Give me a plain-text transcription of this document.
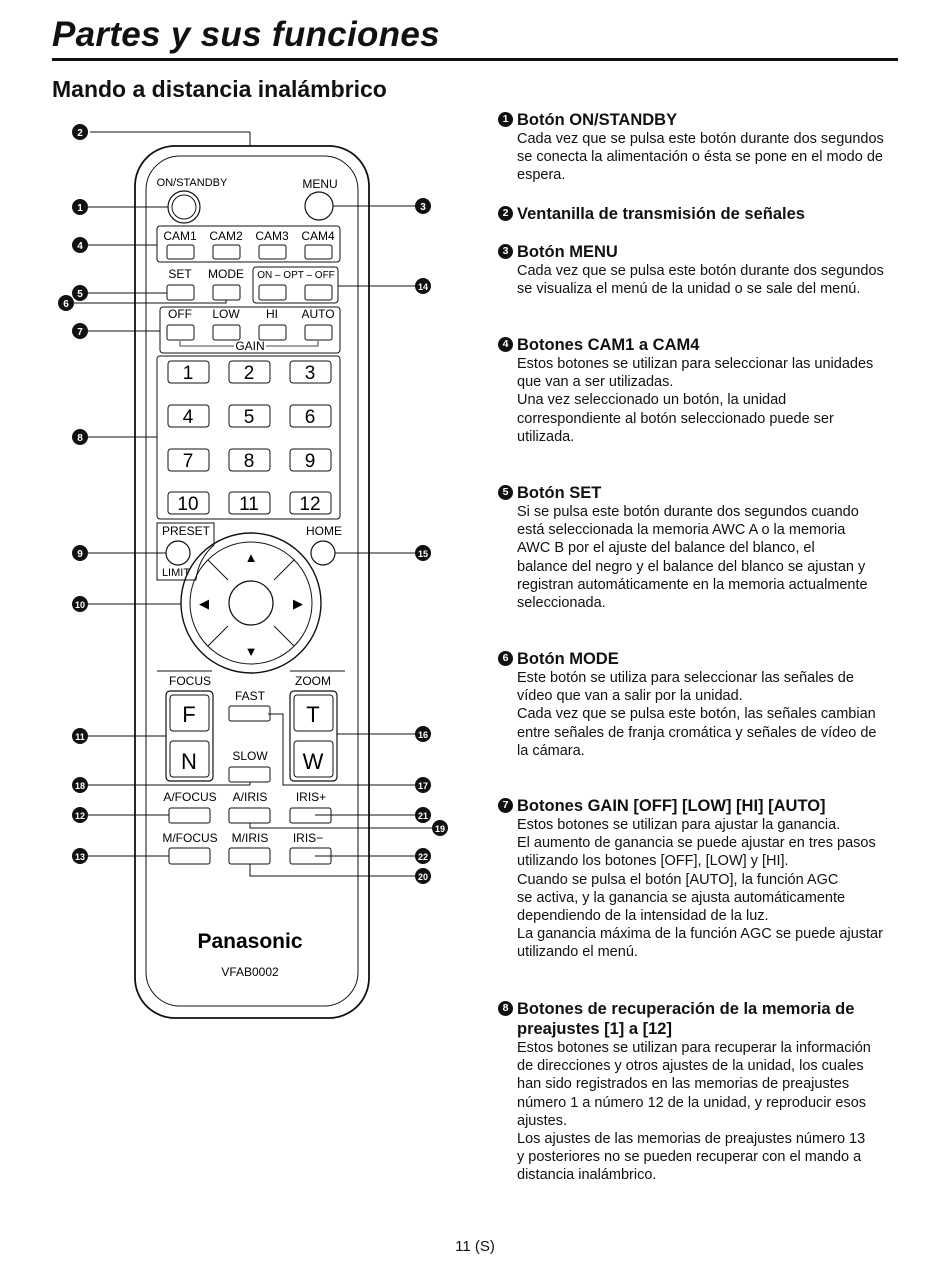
Partes y sus funciones
Mando a distancia inalámbrico
ON/STANDBY	MENU
CAM1 CAM2 CAM3 CAM4
SET MODE ON – OPT – OFF
OFF LOW HI AUTO
GAIN
1	2	3
4	5	6
7	8	9
10 11 12
PRESET
LIMIT
HOME
▲
▼
◀	▶
FOCUS	ZOOM
F
N
T
W
FAST
SLOW
A/FOCUS A/IRIS IRIS+
M/FOCUS M/IRIS IRIS−
Panasonic
VFAB0002
1
2
3
4
5
6
7
8
9
10
11
12
13
14
15
16
17
18
19
20
21
22
1 Botón ON/STANDBY
Cada vez que se pulsa este botón durante dos segundos
se conecta la alimentación o ésta se pone en el modo de
espera.
2 Ventanilla de transmisión de señales
3 Botón MENU
Cada vez que se pulsa este botón durante dos segundos
se visualiza el menú de la unidad o se sale del menú.
4 Botones CAM1 a CAM4
Estos botones se utilizan para seleccionar las unidades
que van a ser utilizadas.
Una vez seleccionado un botón, la unidad
correspondiente al botón seleccionado puede ser
utilizada.
5 Botón SET
Si se pulsa este botón durante dos segundos cuando
está seleccionada la memoria AWC A o la memoria
AWC B por el ajuste del balance del blanco, el
balance del negro y el balance del blanco se ajustan y
registran automáticamente en la memoria actualmente
seleccionada.
6 Botón MODE
Este botón se utiliza para seleccionar las señales de
vídeo que van a salir por la unidad.
Cada vez que se pulsa este botón, las señales cambian
entre señales de franja cromática y señales de vídeo de
la cámara.
7 Botones GAIN [OFF] [LOW] [HI] [AUTO]
Estos botones se utilizan para ajustar la ganancia.
El aumento de ganancia se puede ajustar en tres pasos
utilizando los botones [OFF], [LOW] y [HI].
Cuando se pulsa el botón [AUTO], la función AGC
se activa, y la ganancia se ajusta automáticamente
dependiendo de la intensidad de la luz.
La ganancia máxima de la función AGC se puede ajustar
utilizando el menú.
8 Botones de recuperación de la memoria de preajustes [1] a [12]
Estos botones se utilizan para recuperar la información
de direcciones y otros ajustes de la unidad, los cuales
han sido registrados en las memorias de preajustes
número 1 a número 12 de la unidad, y reproducir esos
ajustes.
Los ajustes de las memorias de preajustes número 13
y posteriores no se pueden recuperar con el mando a
distancia inalámbrico.
11 (S)
